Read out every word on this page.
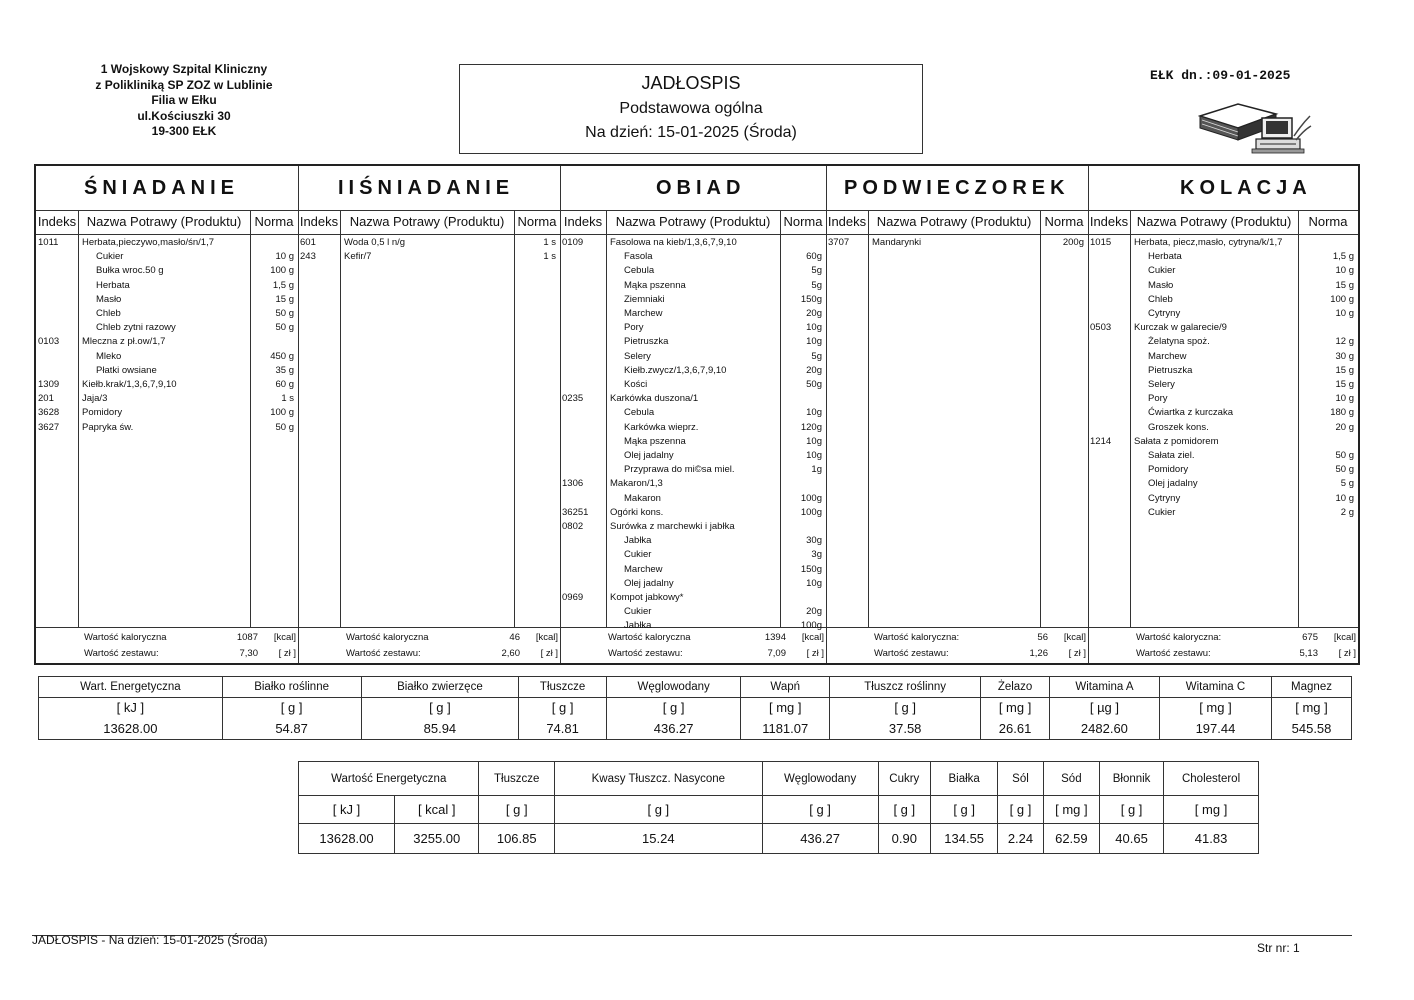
1 Wojskowy Szpital Kliniczny
z Polikliniką SP ZOZ w Lublinie
Filia w Ełku
ul.Kościuszki 30
19-300 EŁK
JADŁOSPIS
Podstawowa ogólna
Na dzień: 15-01-2025 (Środa)
EŁK dn.:09-01-2025
ŚNIADANIE
Indeks Nazwa Potrawy (Produktu)	Norma
1011 Herbata,pieczywo,masło/śn/1,7
Cukier	10 g
Bułka wroc.50 g	100 g
Herbata	1,5 g
Masło	15 g
Chleb	50 g
Chleb zytni razowy	50 g
0103 Mleczna z pł.ow/1,7
Mleko	450 g
Płatki owsiane	35 g
1309 Kiełb.krak/1,3,6,7,9,10	60 g
201	Jaja/3	1 s
3628 Pomidory	100 g
3627 Papryka św.	50 g
Wartość kaloryczna	1087 [kcal]
Wartość zestawu:	7,30 [ zł ]
IIŚNIADANIE
Indeks Nazwa Potrawy (Produktu)	Norma
601	Woda 0,5 l n/g	1 s
243	Kefir/7	1 s
Wartość kaloryczna	46 [kcal]
Wartość zestawu:	2,60 [ zł ]
OBIAD
Indeks	Nazwa Potrawy (Produktu)	Norma
0109	Fasolowa na kieb/1,3,6,7,9,10
Fasola	60g
Cebula	5g
Mąka pszenna	5g
Ziemniaki	150g
Marchew	20g
Pory	10g
Pietruszka	10g
Selery	5g
Kiełb.zwycz/1,3,6,7,9,10	20g
Kości	50g
0235	Karkówka duszona/1
Cebula	10g
Karkówka wieprz.	120g
Mąka pszenna	10g
Olej jadalny	10g
Przyprawa do mi©sa miel.	1g
1306	Makaron/1,3
Makaron	100g
36251 Ogórki kons.	100g
0802	Surówka z marchewki i jabłka
Jabłka	30g
Cukier	3g
Marchew	150g
Olej jadalny	10g
0969	Kompot jabkowy*
Cukier	20g
Jabłka	100g
Wartość kaloryczna	1394 [kcal]
Wartość zestawu:	7,09 [ zł ]
PODWIECZOREK
Indeks Nazwa Potrawy (Produktu)	Norma
3707 Mandarynki	200g
Wartość kaloryczna:	56 [kcal]
Wartość zestawu:	1,26 [ zł ]
KOLACJA
Indeks Nazwa Potrawy (Produktu)	Norma
1015 Herbata, piecz,masło, cytryna/k/1,7
Herbata	1,5 g
Cukier	10 g
Masło	15 g
Chleb	100 g
Cytryny	10 g
0503 Kurczak w galarecie/9
Żelatyna spoż.	12 g
Marchew	30 g
Pietruszka	15 g
Selery	15 g
Pory	10 g
Ćwiartka z kurczaka	180 g
Groszek kons.	20 g
1214 Sałata z pomidorem
Sałata ziel.	50 g
Pomidory	50 g
Olej jadalny	5 g
Cytryny	10 g
Cukier	2 g
Wartość kaloryczna:	675 [kcal]
Wartość zestawu:	5,13 [ zł ]
Wart. Energetyczna	Białko roślinne	Białko zwierzęce	Tłuszcze	Węglowodany	Wapń	Tłuszcz roślinny	Żelazo	Witamina A	Witamina C	Magnez
[ kJ ]	[ g ]	[ g ]	[ g ]	[ g ]	[ mg ]	[ g ]	[ mg ]	[ µg ]	[ mg ]	[ mg ]
13628.00	54.87	85.94	74.81	436.27	1181.07	37.58	26.61	2482.60	197.44	545.58
Wartość Energetyczna		Tłuszcze	Kwasy Tłuszcz. Nasycone	Węglowodany	Cukry	Białka	Sól	Sód	Błonnik	Cholesterol
[ kJ ]	[ kcal ]	[ g ]	[ g ]	[ g ]	[ g ]	[ g ]	[ g ]	[ mg ]	[ g ]	[ mg ]
13628.00	3255.00	106.85	15.24	436.27	0.90	134.55	2.24	62.59	40.65	41.83
JADŁOSPIS - Na dzień: 15-01-2025 (Środa)
Str nr: 1
